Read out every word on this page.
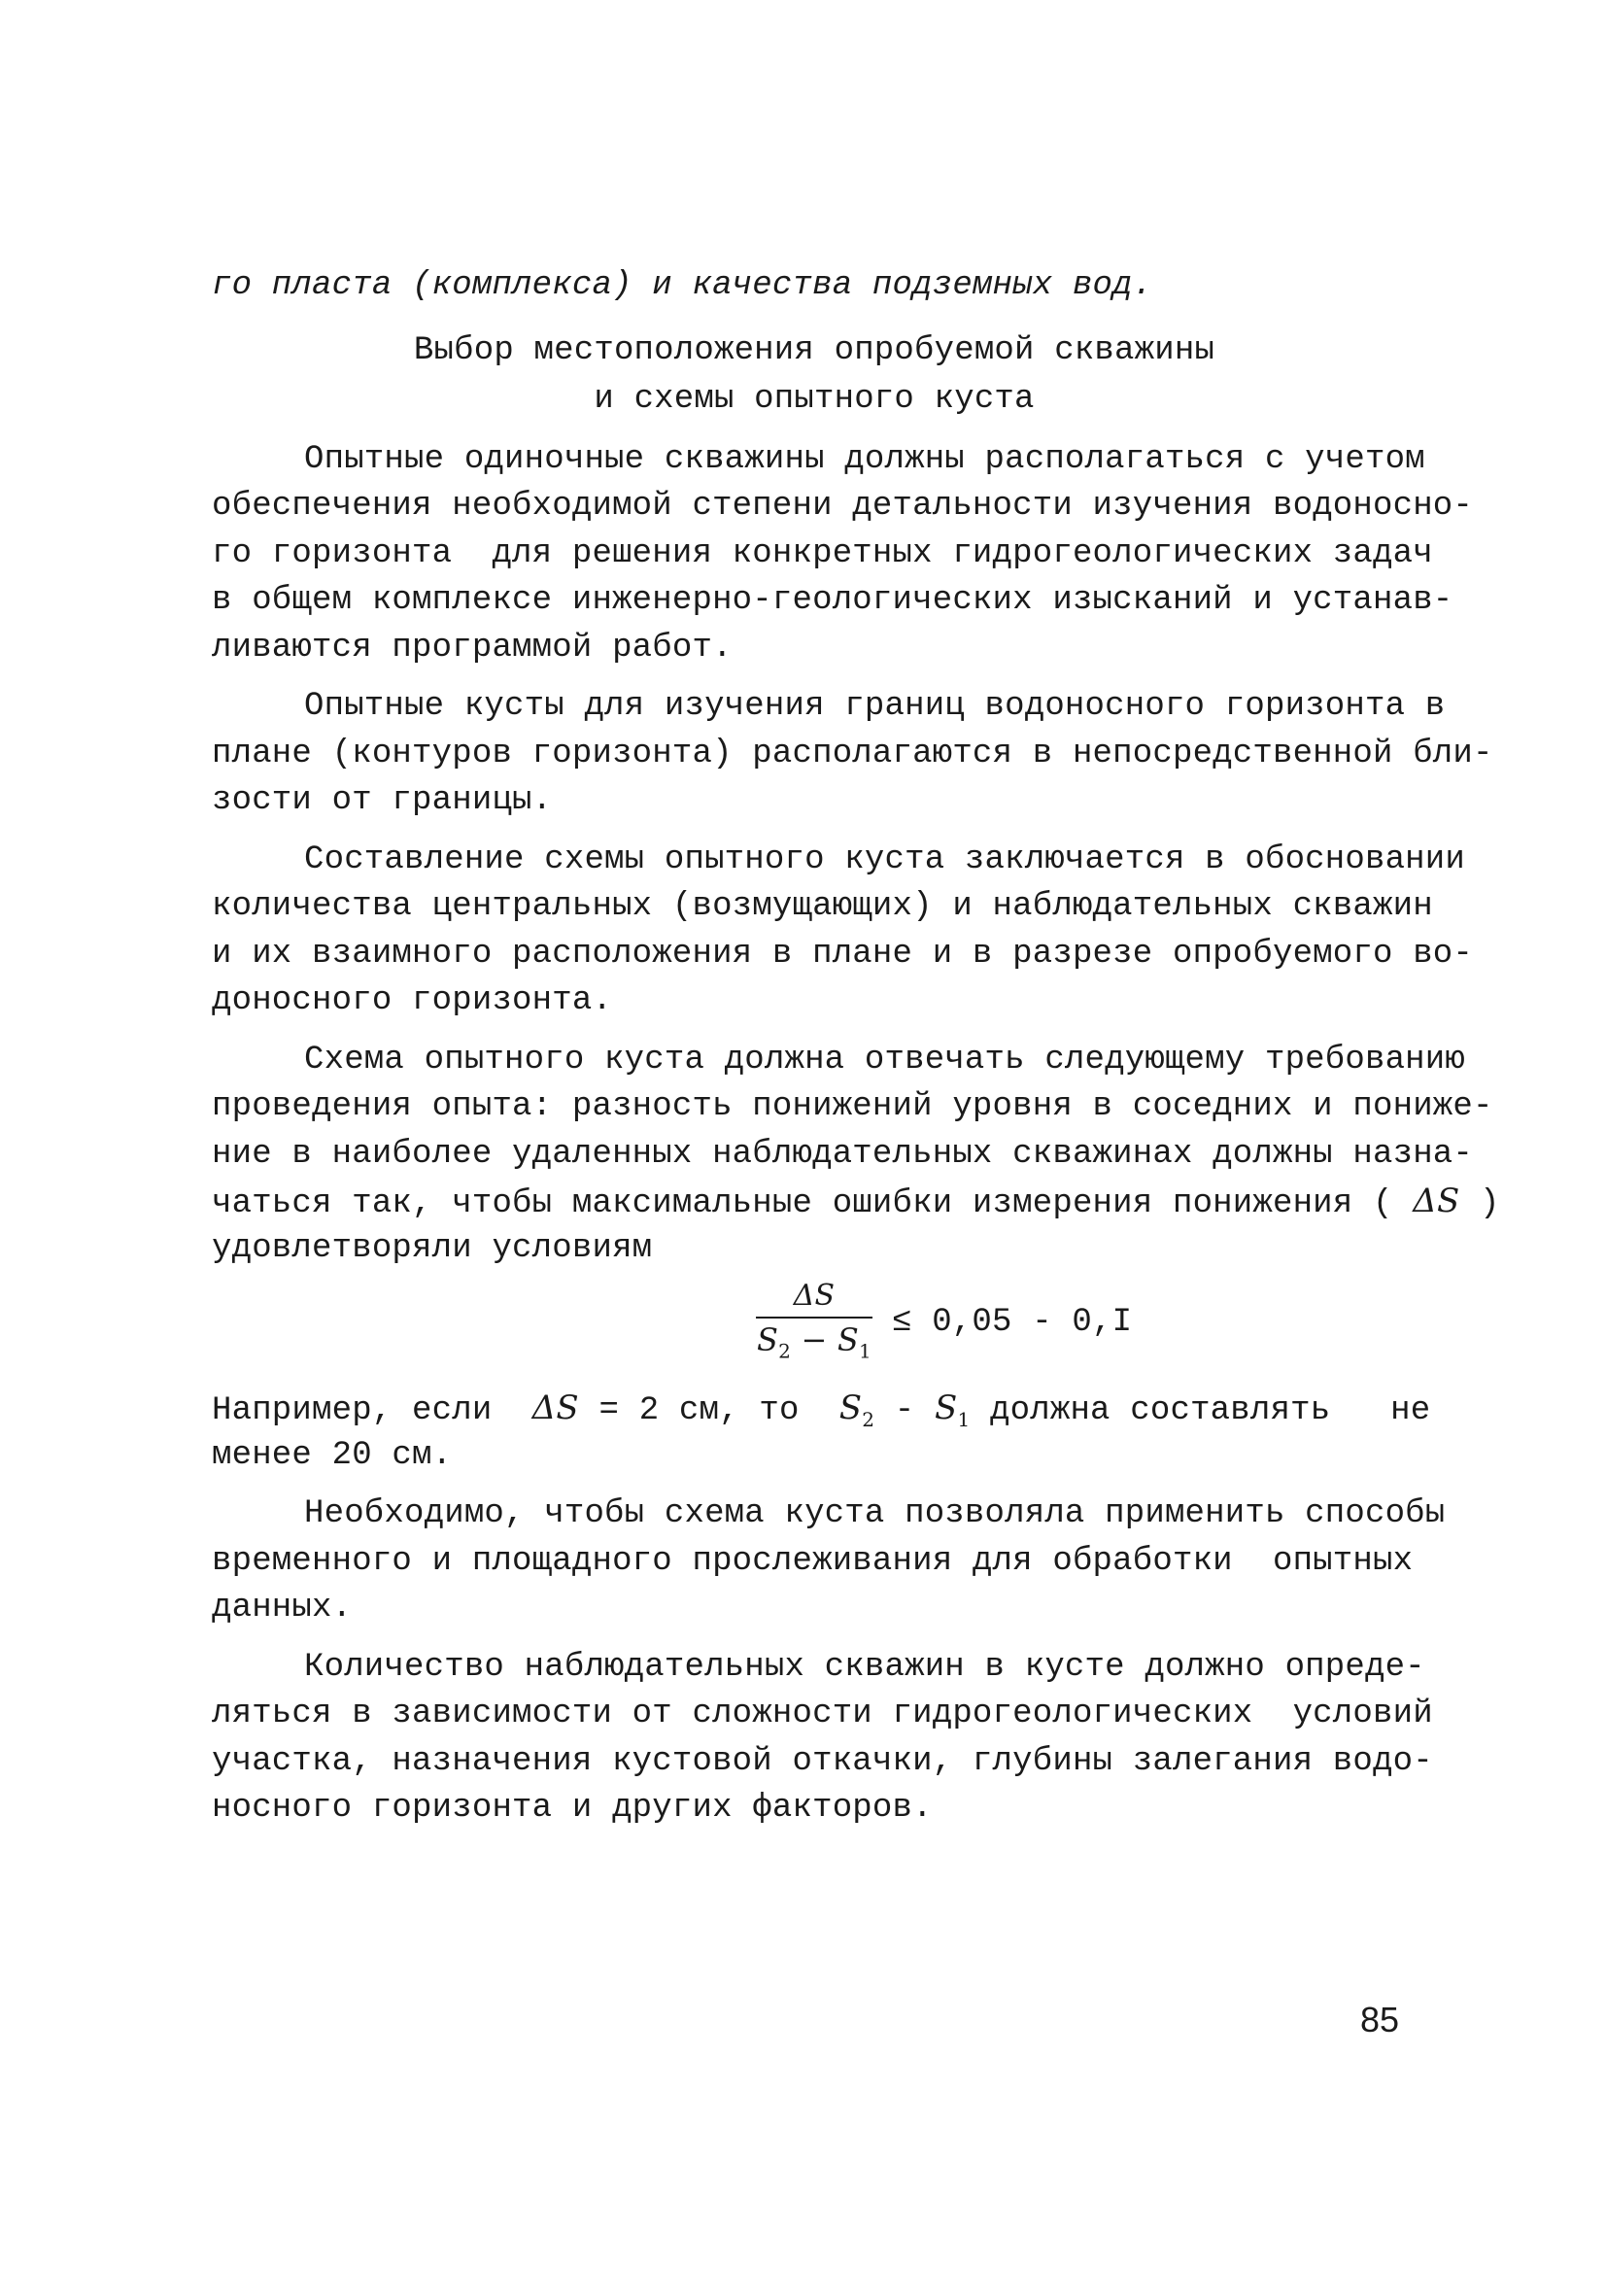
го пласта (комплекса) и качества подземных вод.
Выбор местоположения опробуемой скважины
и схемы опытного куста
Опытные одиночные скважины должны располагаться с учетом
обеспечения необходимой степени детальности изучения водоносно-
го горизонта  для решения конкретных гидрогеологических задач
в общем комплексе инженерно-геологических изысканий и устанав-
ливаются программой работ.
Опытные кусты для изучения границ водоносного горизонта в
плане (контуров горизонта) располагаются в непосредственной бли-
зости от границы.
Составление схемы опытного куста заключается в обосновании
количества центральных (возмущающих) и наблюдательных скважин
и их взаимного расположения в плане и в разрезе опробуемого во-
доносного горизонта.
Схема опытного куста должна отвечать следующему требованию
проведения опыта: разность понижений уровня в соседних и пониже-
ние в наиболее удаленных наблюдательных скважинах должны назна-
чаться так, чтобы максимальные ошибки измерения понижения ( ΔS )
удовлетворяли условиям
ΔS
$S_2 - S_1$
≤ 0,05 - 0,I
Например, если  ΔS = 2 см, то  $S_2 - S_1$ должна составлять   не
менее 20 см.
Необходимо, чтобы схема куста позволяла применить способы
временного и площадного прослеживания для обработки  опытных
данных.
Количество наблюдательных скважин в кусте должно опреде-
ляться в зависимости от сложности гидрогеологических  условий
участка, назначения кустовой откачки, глубины залегания водо-
носного горизонта и других факторов.
85
